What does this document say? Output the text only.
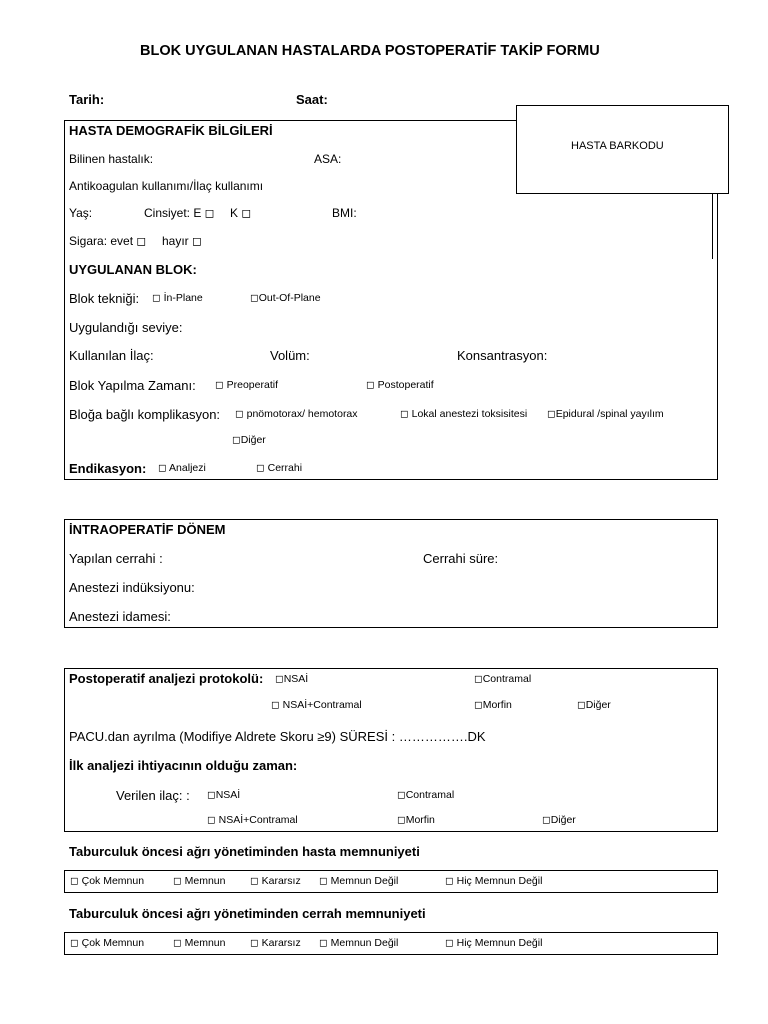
BLOK UYGULANAN HASTALARDA POSTOPERATİF TAKİP FORMU
Tarih:	Saat:
HASTA BARKODU
HASTA DEMOGRAFİK BİLGİLERİ
Bilinen hastalık:	ASA:
Antikoagulan kullanımı/İlaç kullanımı
Yaş:	Cinsiyet: E ◻ K ◻	BMI:
Sigara: evet ◻ hayır ◻
UYGULANAN BLOK:
Blok tekniği: ◻ İn-Plane	◻Out-Of-Plane
Uygulandığı seviye:
Kullanılan İlaç:	Volüm:	Konsantrasyon:
Blok Yapılma Zamanı: ◻ Preoperatif	◻ Postoperatif
Bloğa bağlı komplikasyon: ◻ pnömotorax/ hemotorax	◻ Lokal anestezi toksisitesi ◻Epidural /spinal yayılım
◻Diğer
Endikasyon: ◻ Analjezi	◻ Cerrahi
İNTRAOPERATİF DÖNEM
Yapılan cerrahi :	Cerrahi süre:
Anestezi indüksiyonu:
Anestezi idamesi:
Postoperatif analjezi protokolü: ◻NSAİ	◻Contramal
◻ NSAİ+Contramal	◻Morfin	◻Diğer
PACU.dan ayrılma (Modifiye Aldrete Skoru ≥9) SÜRESİ : …………….DK
İlk analjezi ihtiyacının olduğu zaman:
Verilen ilaç: : ◻NSAİ	◻Contramal
◻ NSAİ+Contramal	◻Morfin	◻Diğer
Taburculuk öncesi ağrı yönetiminden hasta memnuniyeti
◻ Çok Memnun	◻ Memnun ◻ Kararsız ◻ Memnun Değil	◻ Hiç Memnun Değil
Taburculuk öncesi ağrı yönetiminden cerrah memnuniyeti
◻ Çok Memnun	◻ Memnun ◻ Kararsız ◻ Memnun Değil	◻ Hiç Memnun Değil
